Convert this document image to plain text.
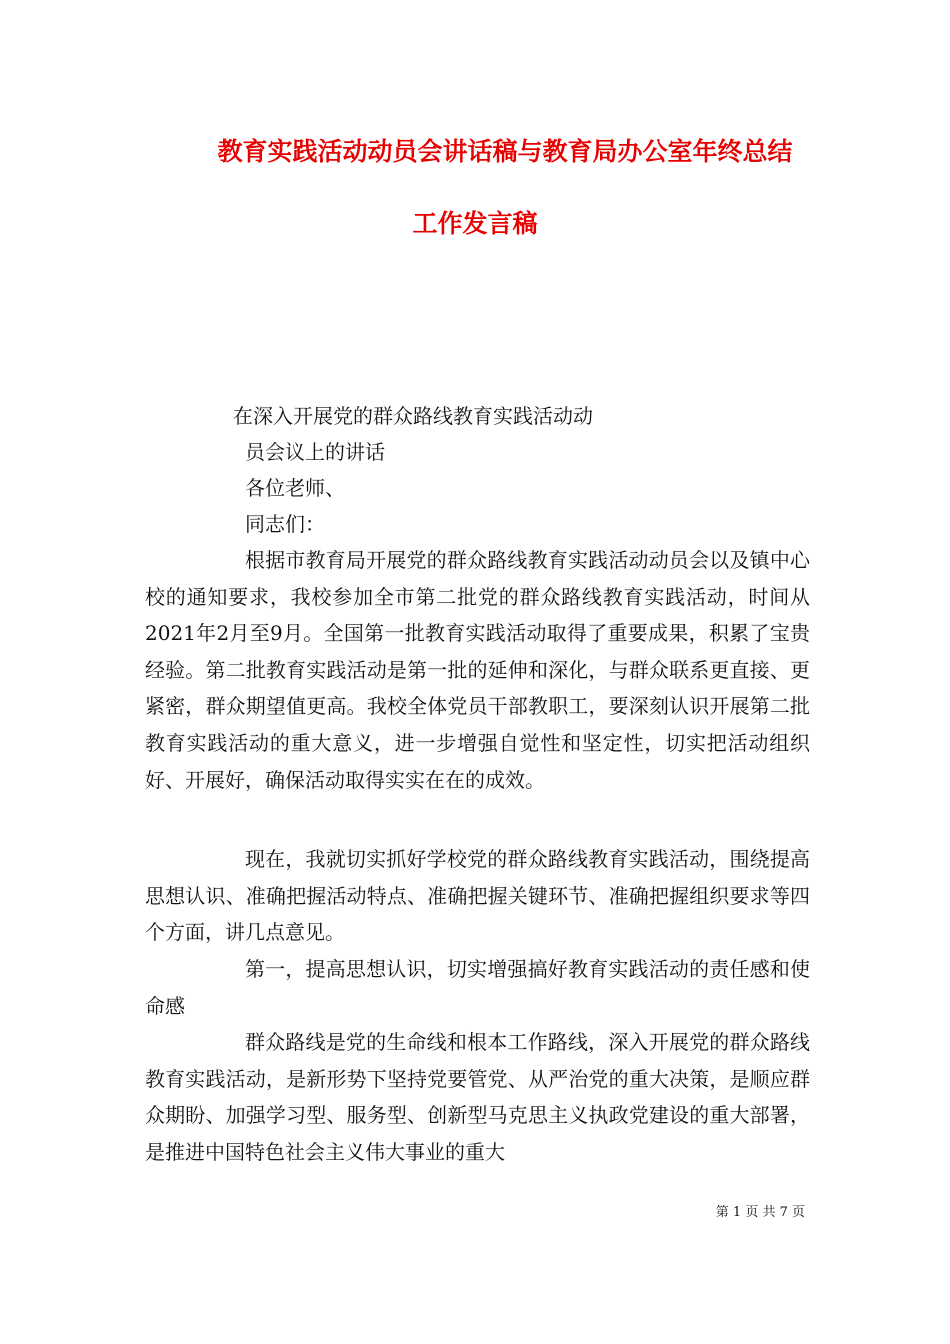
教育实践活动动员会讲话稿与教育局办公室年终总结
工作发言稿
在深入开展党的群众路线教育实践活动动
员会议上的讲话
各位老师、
同志们：
根据市教育局开展党的群众路线教育实践活动动员会以及镇中心校的通知要求，我校参加全市第二批党的群众路线教育实践活动，时间从2021年2月至9月。全国第一批教育实践活动取得了重要成果，积累了宝贵经验。第二批教育实践活动是第一批的延伸和深化，与群众联系更直接、更紧密，群众期望值更高。我校全体党员干部教职工，要深刻认识开展第二批教育实践活动的重大意义，进一步增强自觉性和坚定性，切实把活动组织好、开展好，确保活动取得实实在在的成效。
现在，我就切实抓好学校党的群众路线教育实践活动，围绕提高思想认识、准确把握活动特点、准确把握关键环节、准确把握组织要求等四个方面，讲几点意见。
第一，提高思想认识，切实增强搞好教育实践活动的责任感和使命感
群众路线是党的生命线和根本工作路线，深入开展党的群众路线教育实践活动，是新形势下坚持党要管党、从严治党的重大决策，是顺应群众期盼、加强学习型、服务型、创新型马克思主义执政党建设的重大部署，是推进中国特色社会主义伟大事业的重大
第 1 页 共 7 页
